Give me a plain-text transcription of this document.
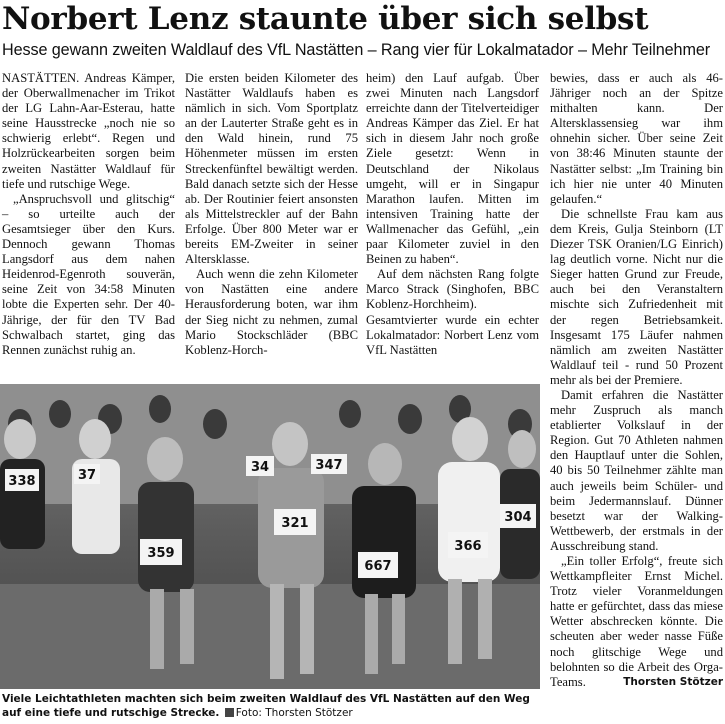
Norbert Lenz staunte über sich selbst
Hesse gewann zweiten Waldlauf des VfL Nastätten – Rang vier für Lokalmatador – Mehr Teilnehmer

NASTÄTTEN. Andreas Kämper, der Oberwallmenacher im Trikot der LG Lahn-Aar-Esterau, hatte seine Hausstrecke „noch nie so schwierig erlebt“. Regen und Holzrückearbeiten sorgen beim zweiten Nastätter Waldlauf für tiefe und rutschige Wege.

„Anspruchsvoll und glitschig“ – so urteilte auch der Gesamtsieger über den Kurs. Dennoch gewann Thomas Langsdorf aus dem nahen Heidenrod-Egenroth souverän, seine Zeit von 34:58 Minuten lobte die Experten sehr. Der 40-Jährige, der für den TV Bad Schwalbach startet, ging das Rennen zunächst ruhig an.

Die ersten beiden Kilometer des Nastätter Waldlaufs haben es nämlich in sich. Vom Sportplatz an der Lauterter Straße geht es in den Wald hinein, rund 75 Höhenmeter müssen im ersten Streckenfünftel bewältigt werden. Bald danach setzte sich der Hesse ab. Der Routinier feiert ansonsten als Mittelstreckler auf der Bahn Erfolge. Über 800 Meter war er bereits EM-Zweiter in seiner Altersklasse.

Auch wenn die zehn Kilometer von Nastätten eine andere Herausforderung boten, war ihm der Sieg nicht zu nehmen, zumal Mario Stockschläder (BBC Koblenz-Horch-

heim) den Lauf aufgab. Über zwei Minuten nach Langsdorf erreichte dann der Titelverteidiger Andreas Kämper das Ziel. Er hat sich in diesem Jahr noch große Ziele gesetzt: Wenn in Deutschland der Nikolaus umgeht, will er in Singapur Marathon laufen. Mitten im intensiven Training hatte der Wallmenacher das Gefühl, „ein paar Kilometer zuviel in den Beinen zu haben“.

Auf dem nächsten Rang folgte Marco Strack (Singhofen, BBC Koblenz-Horchheim). Gesamtvierter wurde ein echter Lokalmatador: Norbert Lenz vom VfL Nastätten

bewies, dass er auch als 46-Jähriger noch an der Spitze mithalten kann. Der Altersklassensieg war ihm ohnehin sicher. Über seine Zeit von 38:46 Minuten staunte der Nastätter selbst: „Im Training bin ich hier nie unter 40 Minuten gelaufen.“

Die schnellste Frau kam aus dem Kreis, Gulja Steinborn (LT Diezer TSK Oranien/LG Einrich) lag deutlich vorne. Nicht nur die Sieger hatten Grund zur Freude, auch bei den Veranstaltern mischte sich Zufriedenheit mit der regen Betriebsamkeit. Insgesamt 175 Läufer nahmen nämlich am zweiten Nastätter Waldlauf teil - rund 50 Prozent mehr als bei der Premiere.

Damit erfahren die Nastätter mehr Zuspruch als manch etablierter Volkslauf in der Region. Gut 70 Athleten nahmen den Hauptlauf unter die Sohlen, 40 bis 50 Teilnehmer zählte man auch jeweils beim Schüler- und beim Jedermannslauf. Dünner besetzt war der Walking-Wettbewerb, der erstmals in der Ausschreibung stand.

„Ein toller Erfolg“, freute sich Wettkampfleiter Ernst Michel. Trotz vieler Voranmeldungen hatte er gefürchtet, dass das miese Wetter abschrecken könnte. Die scheuten aber weder nasse Füße noch glitschige Wege und belohnten so die Arbeit des Orga-Teams.	Thorsten Stötzer

338
359
321
347
667
366
304
34
37
Viele Leichtathleten machten sich beim zweiten Waldlauf des VfL Nastätten auf den Weg auf eine tiefe und rutschige Strecke. Foto: Thorsten Stötzer
